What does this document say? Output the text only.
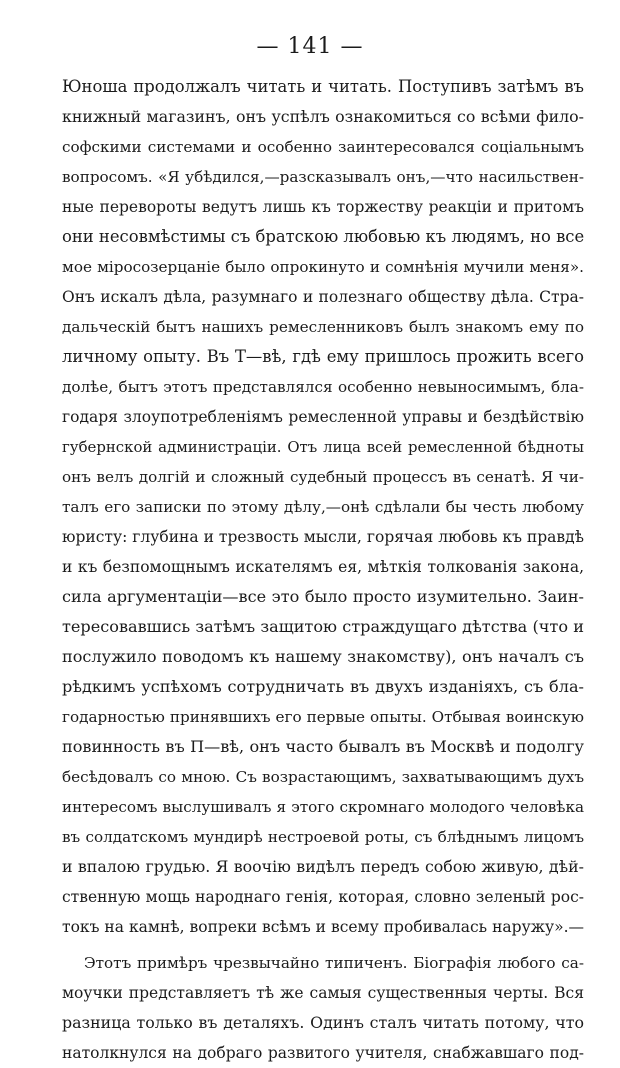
— 141 —
Юноша продолжалъ читать и читать. Поступивъ затѣмъ въ
книжный магазинъ, онъ успѣлъ ознакомиться со всѣми фило-
софскими системами и особенно заинтересовался соціальнымъ
вопросомъ. «Я убѣдился,—разсказывалъ онъ,—что насильствен-
ные перевороты ведутъ лишь къ торжеству реакціи и притомъ
они несовмѣстимы съ братскою любовью къ людямъ, но все
мое міросозерцаніе было опрокинуто и сомнѣнія мучили меня».
Онъ искалъ дѣла, разумнаго и полезнаго обществу дѣла. Стра-
дальческій бытъ нашихъ ремесленниковъ былъ знакомъ ему по
личному опыту. Въ Т—вѣ, гдѣ ему пришлось прожить всего
долѣе, бытъ этотъ представлялся особенно невыносимымъ, бла-
годаря злоупотребленіямъ ремесленной управы и бездѣйствію
губернской администраціи. Отъ лица всей ремесленной бѣдноты
онъ велъ долгій и сложный судебный процессъ въ сенатѣ. Я чи-
талъ его записки по этому дѣлу,—онѣ сдѣлали бы честь любому
юристу: глубина и трезвость мысли, горячая любовь къ правдѣ
и къ безпомощнымъ искателямъ ея, мѣткія толкованія закона,
сила аргументаціи—все это было просто изумительно. Заин-
тересовавшись затѣмъ защитою страждущаго дѣтства (что и
послужило поводомъ къ нашему знакомству), онъ началъ съ
рѣдкимъ успѣхомъ сотрудничать въ двухъ изданіяхъ, съ бла-
годарностью принявшихъ его первые опыты. Отбывая воинскую
повинность въ П—вѣ, онъ часто бывалъ въ Москвѣ и подолгу
бесѣдовалъ со мною. Съ возрастающимъ, захватывающимъ духъ
интересомъ выслушивалъ я этого скромнаго молодого человѣка
въ солдатскомъ мундирѣ нестроевой роты, съ блѣднымъ лицомъ
и впалою грудью. Я воочію видѣлъ передъ собою живую, дѣй-
ственную мощь народнаго генія, которая, словно зеленый рос-
токъ на камнѣ, вопреки всѣмъ и всему пробивалась наружу».—
Этотъ примѣръ чрезвычайно типиченъ. Біографія любого са-
моучки представляетъ тѣ же самыя существенныя черты. Вся
разница только въ деталяхъ. Одинъ сталъ читать потому, что
натолкнулся на добраго развитого учителя, снабжавшаго под-
